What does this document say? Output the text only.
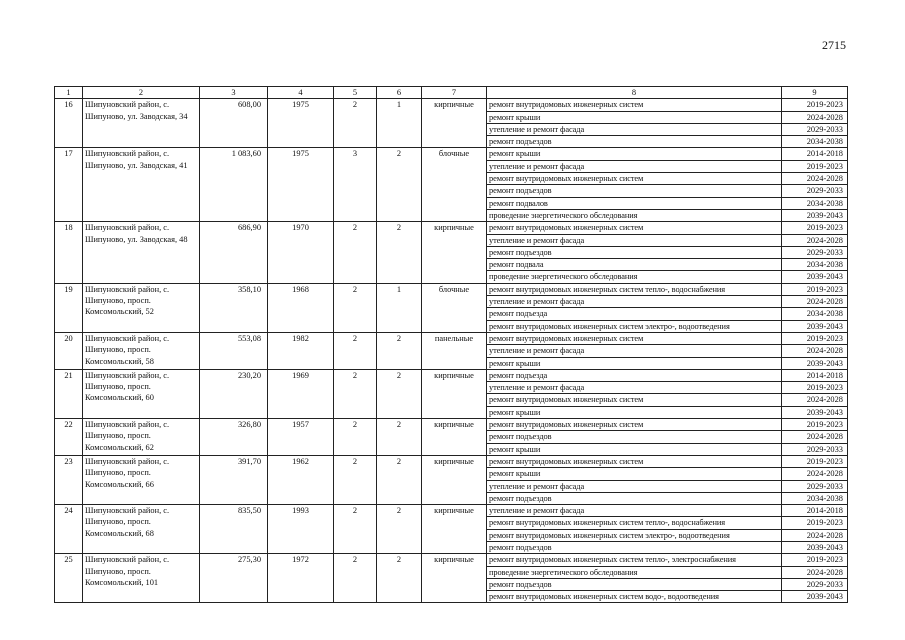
2715
1	2	3	4	5	6	7	8	9
16	Шипуновский район, с. Шипуново, ул. Заводская, 34	608,00	1975	2	1	кирпичные	ремонт внутридомовых инженерных систем	2019-2023
							ремонт крыши	2024-2028
							утепление и ремонт фасада	2029-2033
							ремонт подъездов	2034-2038
17	Шипуновский район, с. Шипуново, ул. Заводская, 41	1 083,60	1975	3	2	блочные	ремонт крыши	2014-2018
							утепление и ремонт фасада	2019-2023
							ремонт внутридомовых инженерных систем	2024-2028
							ремонт подъездов	2029-2033
							ремонт подвалов	2034-2038
							проведение энергетического обследования	2039-2043
18	Шипуновский район, с. Шипуново, ул. Заводская, 48	686,90	1970	2	2	кирпичные	ремонт внутридомовых инженерных систем	2019-2023
							утепление и ремонт фасада	2024-2028
							ремонт подъездов	2029-2033
							ремонт подвала	2034-2038
							проведение энергетического обследования	2039-2043
19	Шипуновский район, с. Шипуново, просп. Комсомольский, 52	358,10	1968	2	1	блочные	ремонт внутридомовых инженерных систем тепло-, водоснабжения	2019-2023
							утепление и ремонт фасада	2024-2028
							ремонт подъезда	2034-2038
							ремонт внутридомовых инженерных систем электро-, водоотведения	2039-2043
20	Шипуновский район, с. Шипуново, просп. Комсомольский, 58	553,08	1982	2	2	панельные	ремонт внутридомовых инженерных систем	2019-2023
							утепление и ремонт фасада	2024-2028
							ремонт крыши	2039-2043
21	Шипуновский район, с. Шипуново, просп. Комсомольский, 60	230,20	1969	2	2	кирпичные	ремонт подъезда	2014-2018
							утепление и ремонт фасада	2019-2023
							ремонт внутридомовых инженерных систем	2024-2028
							ремонт крыши	2039-2043
22	Шипуновский район, с. Шипуново, просп. Комсомольский, 62	326,80	1957	2	2	кирпичные	ремонт внутридомовых инженерных систем	2019-2023
							ремонт подъездов	2024-2028
							ремонт крыши	2029-2033
23	Шипуновский район, с. Шипуново, просп. Комсомольский, 66	391,70	1962	2	2	кирпичные	ремонт внутридомовых инженерных систем	2019-2023
							ремонт крыши	2024-2028
							утепление и ремонт фасада	2029-2033
							ремонт подъездов	2034-2038
24	Шипуновский район, с. Шипуново, просп. Комсомольский, 68	835,50	1993	2	2	кирпичные	утепление и ремонт фасада	2014-2018
							ремонт внутридомовых инженерных систем тепло-, водоснабжения	2019-2023
							ремонт внутридомовых инженерных систем электро-, водоотведения	2024-2028
							ремонт подъездов	2039-2043
25	Шипуновский район, с. Шипуново, просп. Комсомольский, 101	275,30	1972	2	2	кирпичные	ремонт внутридомовых инженерных систем тепло-, электроснабжения	2019-2023
							проведение энергетического обследования	2024-2028
							ремонт подъездов	2029-2033
							ремонт внутридомовых инженерных систем водо-, водоотведения	2039-2043
